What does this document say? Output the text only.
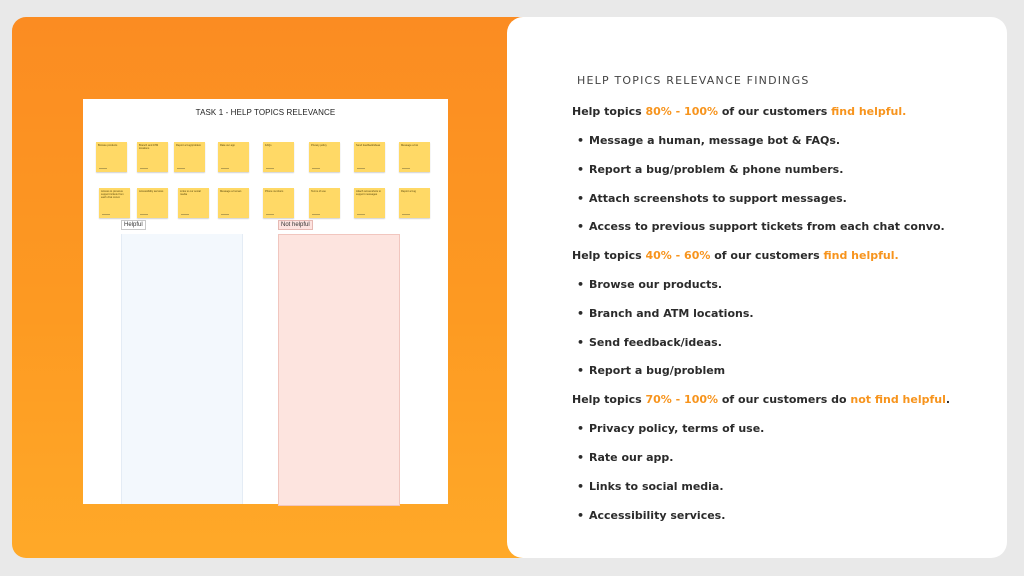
TASK 1 - HELP TOPICS RELEVANCE
Browse products	Branch and ATM locations
Report a bug/problem	Rate our app	FAQs	Privacy policy	Send feedback/ideas	Message a bot
Access to previous support tickets from each chat convo
Accessibility services	Links to our social media
Message a human	Phone numbers	Terms of use	Attach screenshots to support messages
Report a bug
Helpful	Not helpful
HELP TOPICS RELEVANCE FINDINGS
Help topics 80% - 100% of our customers find helpful.
• Message a human, message bot & FAQs.
• Report a bug/problem & phone numbers.
• Attach screenshots to support messages.
• Access to previous support tickets from each chat convo.
Help topics 40% - 60% of our customers find helpful.
• Browse our products.
• Branch and ATM locations.
• Send feedback/ideas.
• Report a bug/problem
Help topics 70% - 100% of our customers do not find helpful.
• Privacy policy, terms of use.
• Rate our app.
• Links to social media.
• Accessibility services.
